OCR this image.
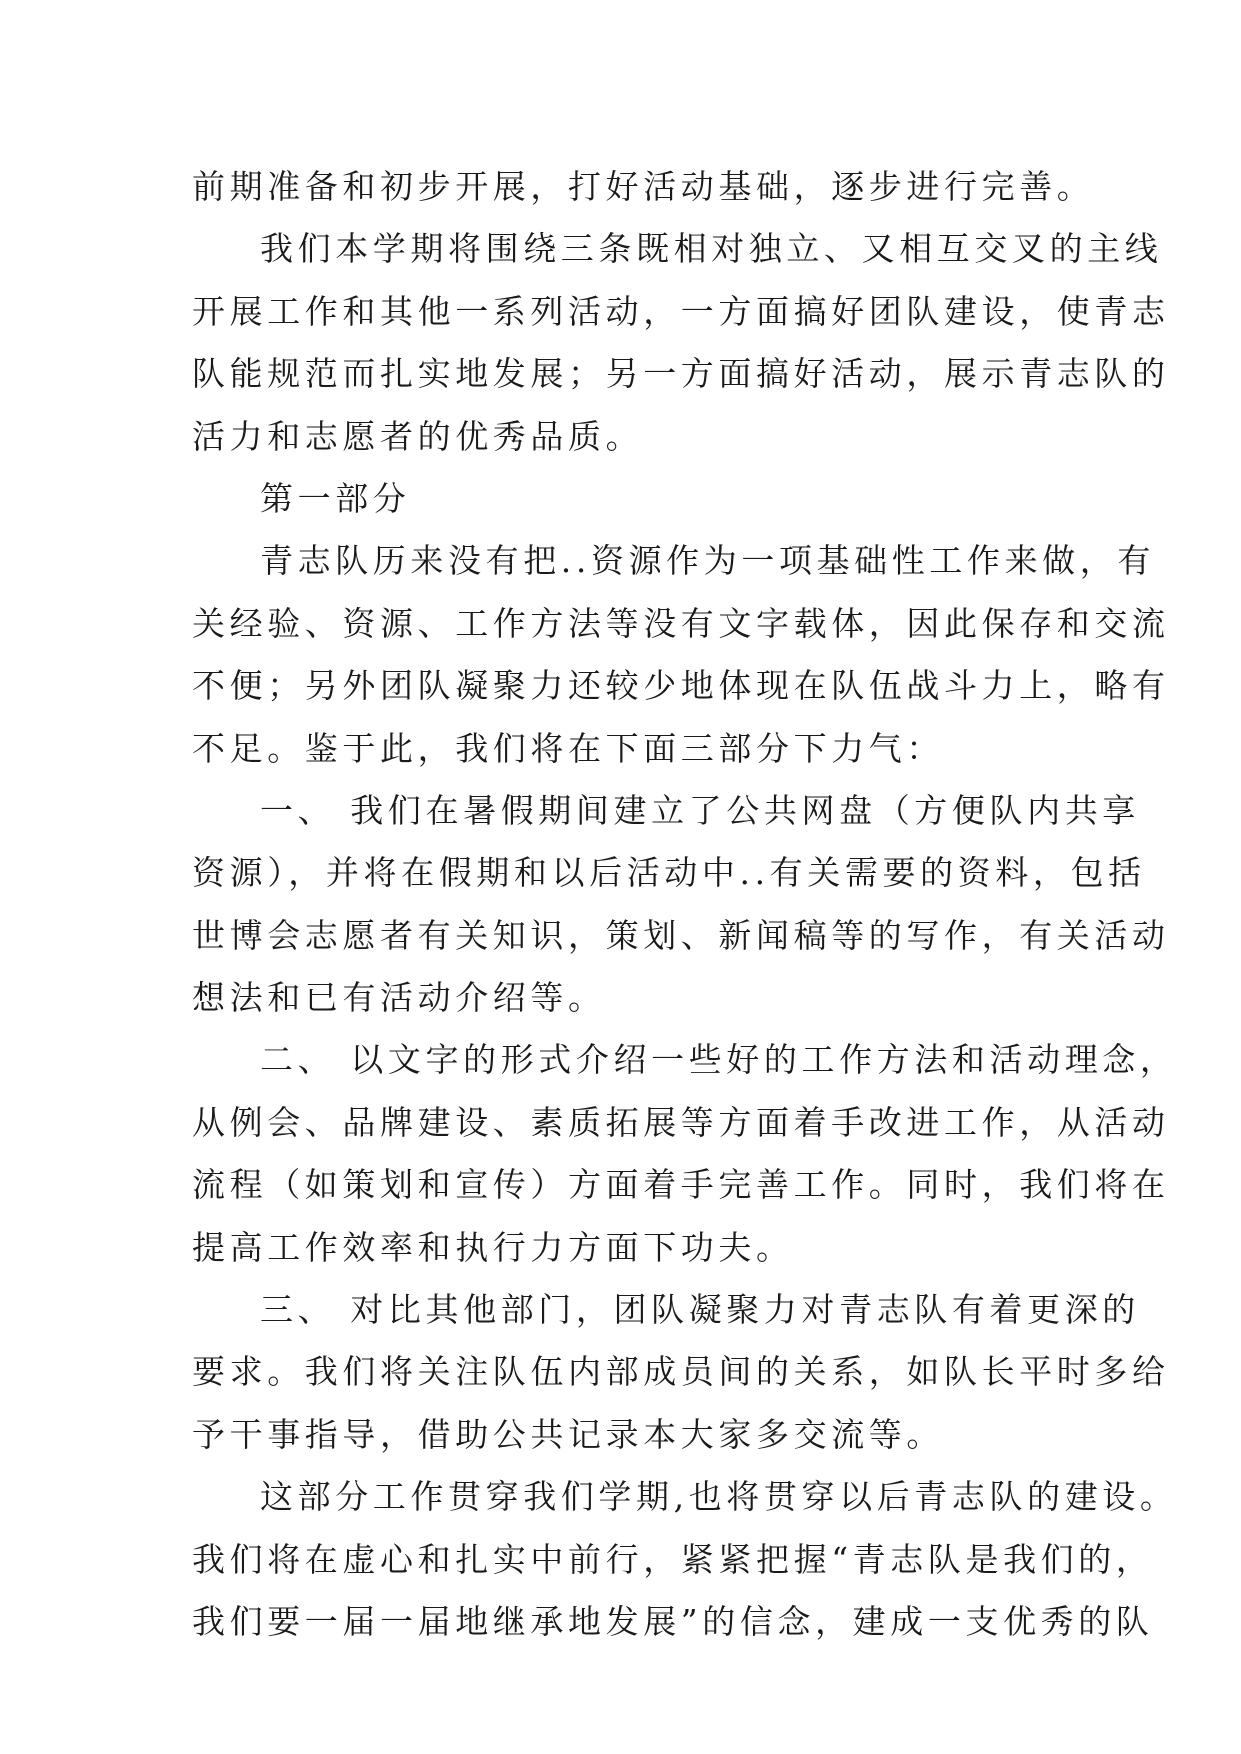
前期准备和初步开展，打好活动基础，逐步进行完善。
我们本学期将围绕三条既相对独立、又相互交叉的主线
开展工作和其他一系列活动，一方面搞好团队建设，使青志
队能规范而扎实地发展；另一方面搞好活动，展示青志队的
活力和志愿者的优秀品质。
第一部分
青志队历来没有把..资源作为一项基础性工作来做，有
关经验、资源、工作方法等没有文字载体，因此保存和交流
不便；另外团队凝聚力还较少地体现在队伍战斗力上，略有
不足。鉴于此，我们将在下面三部分下力气：
一、 我们在暑假期间建立了公共网盘（方便队内共享
资源），并将在假期和以后活动中..有关需要的资料，包括
世博会志愿者有关知识，策划、新闻稿等的写作，有关活动
想法和已有活动介绍等。
二、 以文字的形式介绍一些好的工作方法和活动理念，
从例会、品牌建设、素质拓展等方面着手改进工作，从活动
流程（如策划和宣传）方面着手完善工作。同时，我们将在
提高工作效率和执行力方面下功夫。
三、 对比其他部门，团队凝聚力对青志队有着更深的
要求。我们将关注队伍内部成员间的关系，如队长平时多给
予干事指导，借助公共记录本大家多交流等。
这部分工作贯穿我们学期,也将贯穿以后青志队的建设。
我们将在虚心和扎实中前行，紧紧把握“青志队是我们的，
我们要一届一届地继承地发展”的信念，建成一支优秀的队
